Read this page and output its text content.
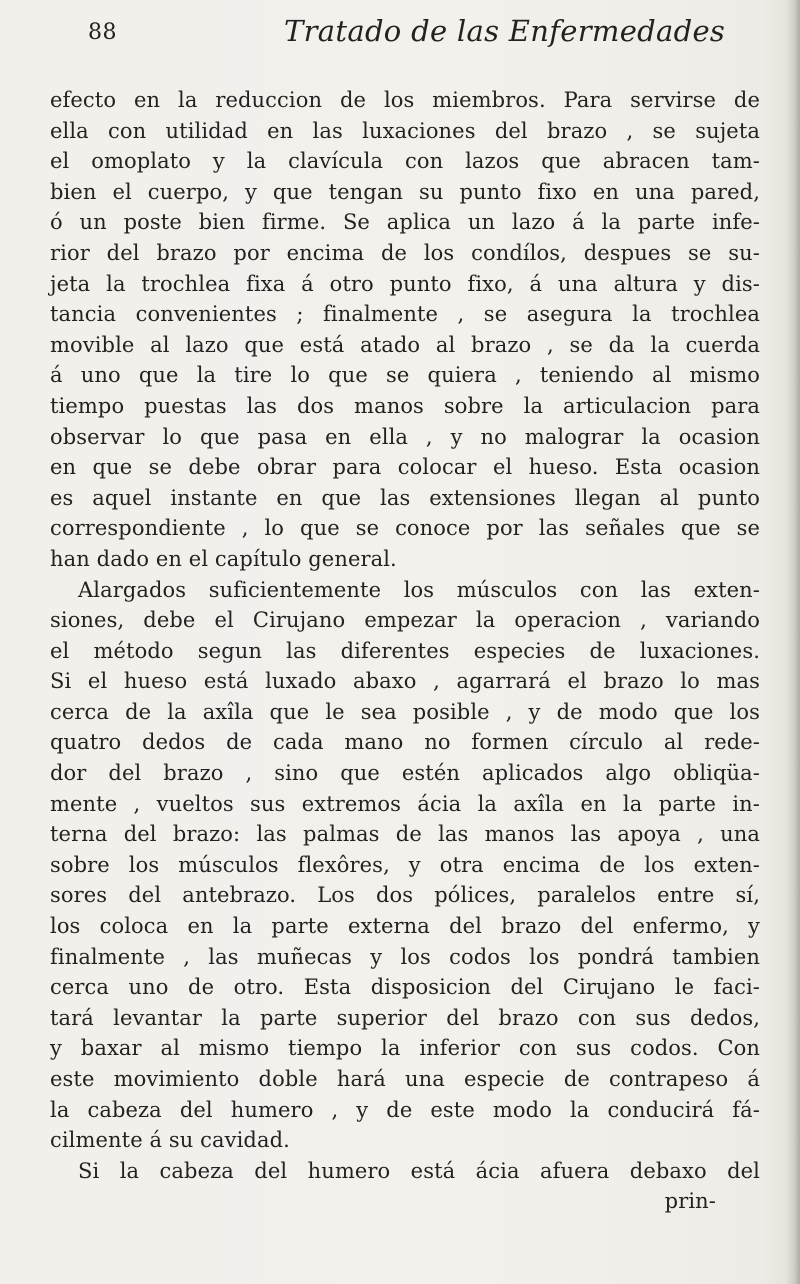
88	Tratado de las Enfermedades
efecto en la reduccion de los miembros. Para servirse de
ella con utilidad en las luxaciones del brazo , se sujeta
el omoplato y la clavícula con lazos que abracen tam-
bien el cuerpo, y que tengan su punto fixo en una pared,
ó un poste bien firme. Se aplica un lazo á la parte infe-
rior del brazo por encima de los condílos, despues se su-
jeta la trochlea fixa á otro punto fixo, á una altura y dis-
tancia convenientes ; finalmente , se asegura la trochlea
movible al lazo que está atado al brazo , se da la cuerda
á uno que la tire lo que se quiera , teniendo al mismo
tiempo puestas las dos manos sobre la articulacion para
observar lo que pasa en ella , y no malograr la ocasion
en que se debe obrar para colocar el hueso. Esta ocasion
es aquel instante en que las extensiones llegan al punto
correspondiente , lo que se conoce por las señales que se
han dado en el capítulo general.
Alargados suficientemente los músculos con las exten-
siones, debe el Cirujano empezar la operacion , variando
el método segun las diferentes especies de luxaciones.
Si el hueso está luxado abaxo , agarrará el brazo lo mas
cerca de la axîla que le sea posible , y de modo que los
quatro dedos de cada mano no formen círculo al rede-
dor del brazo , sino que estén aplicados algo obliqüa-
mente , vueltos sus extremos ácia la axîla en la parte in-
terna del brazo: las palmas de las manos las apoya , una
sobre los músculos flexôres, y otra encima de los exten-
sores del antebrazo. Los dos pólices, paralelos entre sí,
los coloca en la parte externa del brazo del enfermo, y
finalmente , las muñecas y los codos los pondrá tambien
cerca uno de otro. Esta disposicion del Cirujano le faci-
tará levantar la parte superior del brazo con sus dedos,
y baxar al mismo tiempo la inferior con sus codos. Con
este movimiento doble hará una especie de contrapeso á
la cabeza del humero , y de este modo la conducirá fá-
cilmente á su cavidad.
Si la cabeza del humero está ácia afuera debaxo del
prin-
